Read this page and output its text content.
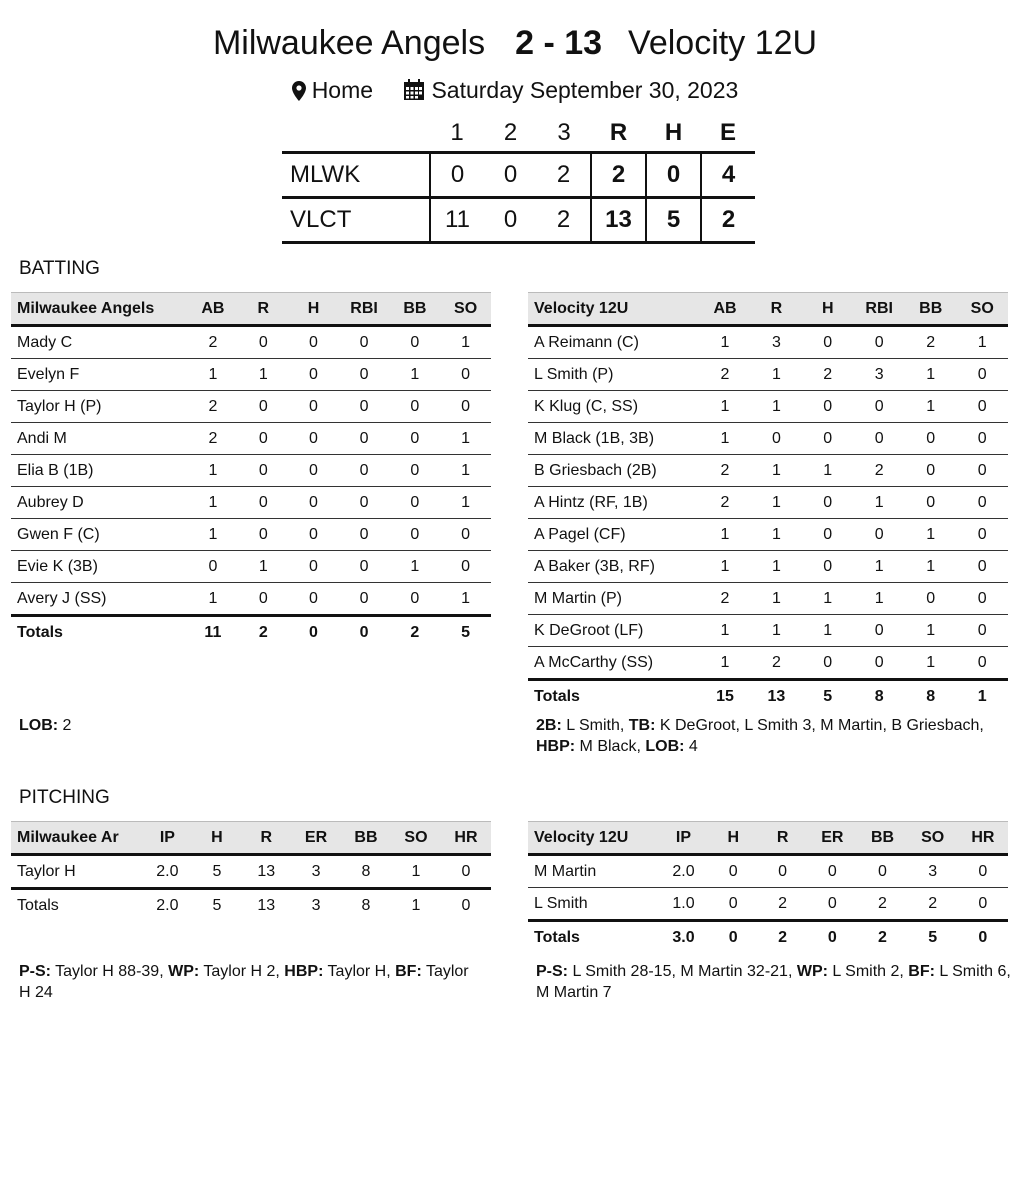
Milwaukee Angels 2 - 13 Velocity 12U
Home	Saturday September 30, 2023
	1	2	3	R	H	E
MLWK	0	0	2	2	0	4
VLCT	11	0	2	13	5	2
BATTING
Milwaukee Angels	AB	R	H	RBI	BB	SO
Mady C	2	0	0	0	0	1
Evelyn F	1	1	0	0	1	0
Taylor H (P)	2	0	0	0	0	0
Andi M	2	0	0	0	0	1
Elia B (1B)	1	0	0	0	0	1
Aubrey D	1	0	0	0	0	1
Gwen F (C)	1	0	0	0	0	0
Evie K (3B)	0	1	0	0	1	0
Avery J (SS)	1	0	0	0	0	1
Totals	11	2	0	0	2	5
Velocity 12U	AB	R	H	RBI	BB	SO
A Reimann (C)	1	3	0	0	2	1
L Smith (P)	2	1	2	3	1	0
K Klug (C, SS)	1	1	0	0	1	0
M Black (1B, 3B)	1	0	0	0	0	0
B Griesbach (2B)	2	1	1	2	0	0
A Hintz (RF, 1B)	2	1	0	1	0	0
A Pagel (CF)	1	1	0	0	1	0
A Baker (3B, RF)	1	1	0	1	1	0
M Martin (P)	2	1	1	1	0	0
K DeGroot (LF)	1	1	1	0	1	0
A McCarthy (SS)	1	2	0	0	1	0
Totals	15	13	5	8	8	1
LOB: 2	2B: L Smith, TB: K DeGroot, L Smith 3, M Martin, B Griesbach, HBP: M Black, LOB: 4
PITCHING
Milwaukee Ar	IP	H	R	ER	BB	SO	HR
Taylor H	2.0	5	13	3	8	1	0
Totals	2.0	5	13	3	8	1	0
Velocity 12U	IP	H	R	ER	BB	SO	HR
M Martin	2.0	0	0	0	0	3	0
L Smith	1.0	0	2	0	2	2	0
Totals	3.0	0	2	0	2	5	0
P-S: Taylor H 88-39, WP: Taylor H 2, HBP: Taylor H, BF: Taylor H 24
P-S: L Smith 28-15, M Martin 32-21, WP: L Smith 2, BF: L Smith 6, M Martin 7
